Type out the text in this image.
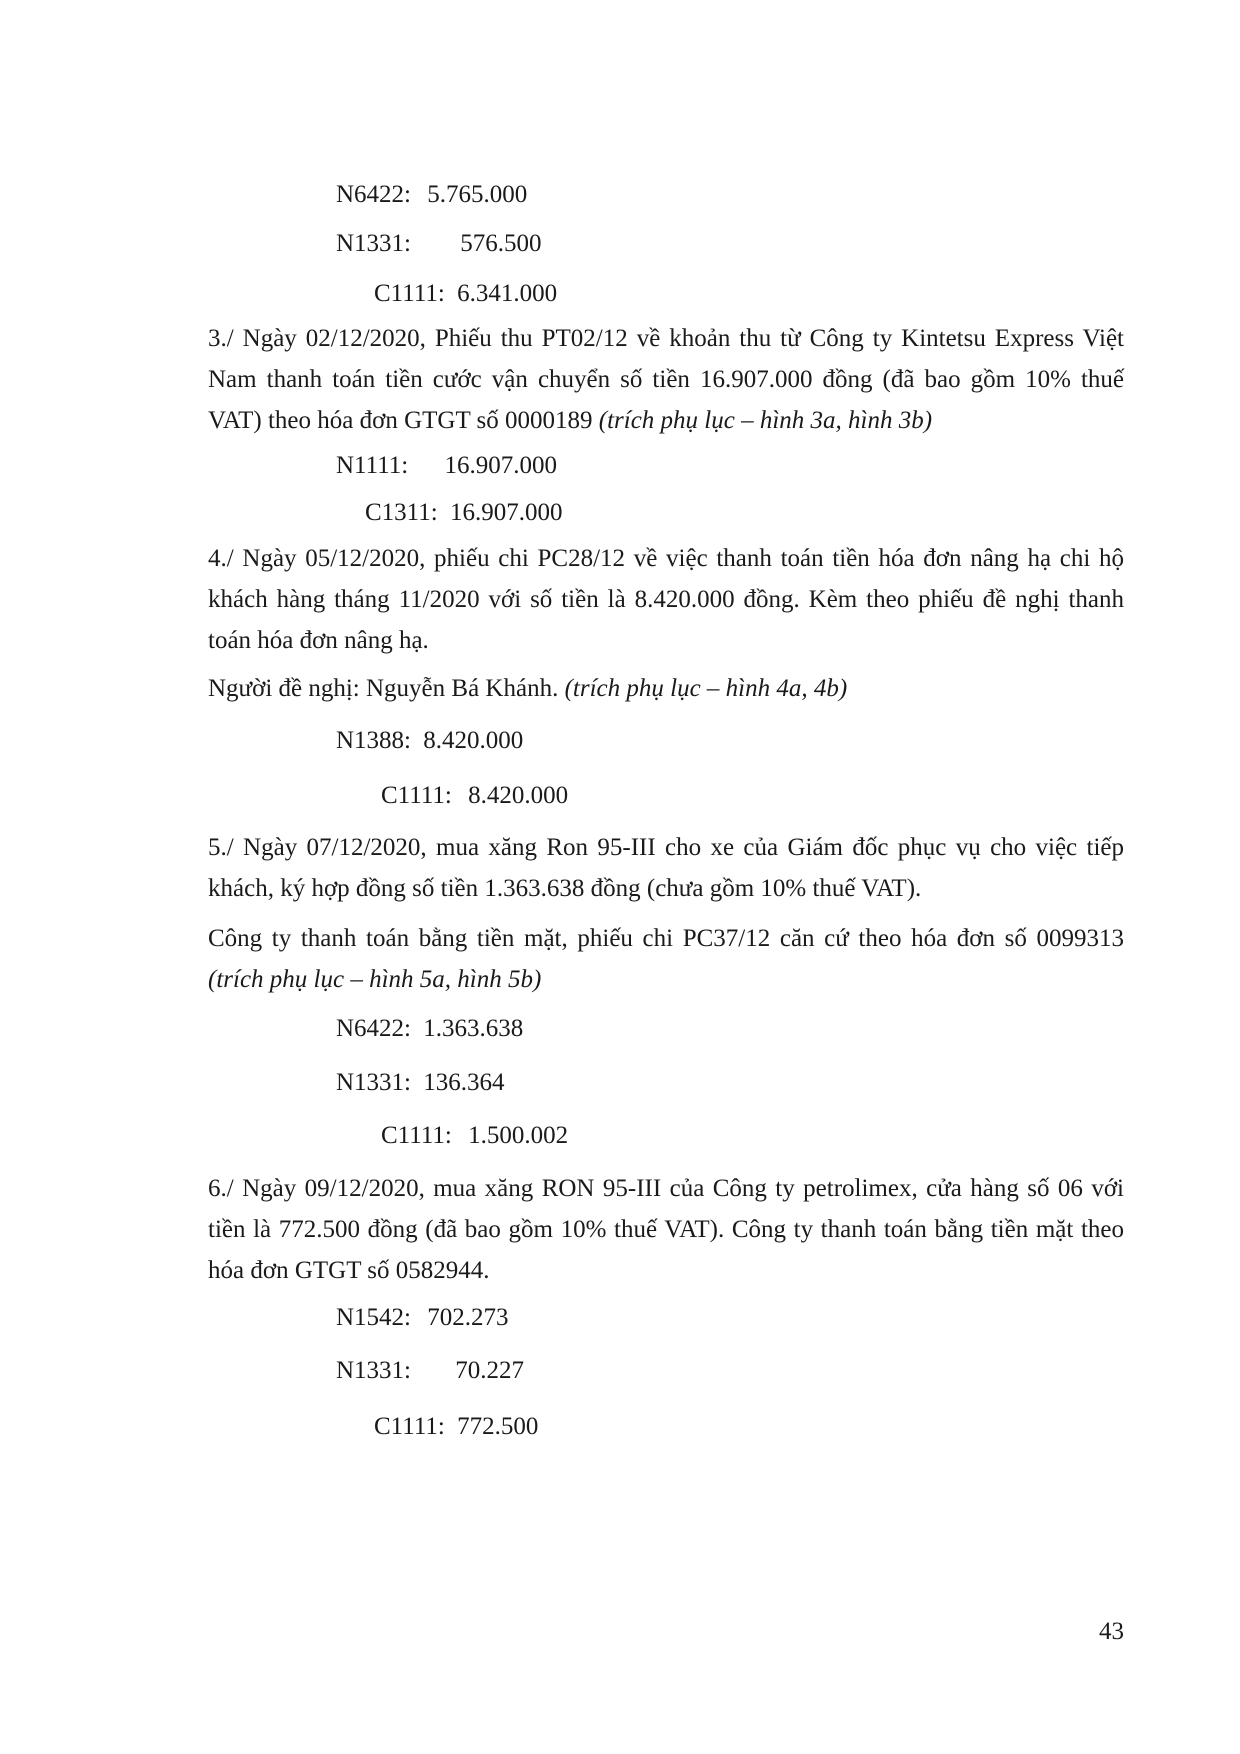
N6422: 5.765.000
N1331: 576.500
C1111: 6.341.000
3./ Ngày 02/12/2020, Phiếu thu PT02/12 về khoản thu từ Công ty Kintetsu Express Việt Nam thanh toán tiền cước vận chuyển số tiền 16.907.000 đồng (đã bao gồm 10% thuế VAT) theo hóa đơn GTGT số 0000189 (trích phụ lục – hình 3a, hình 3b)
N1111: 16.907.000
C1311: 16.907.000
4./ Ngày 05/12/2020, phiếu chi PC28/12 về việc thanh toán tiền hóa đơn nâng hạ chi hộ khách hàng tháng 11/2020 với số tiền là 8.420.000 đồng. Kèm theo phiếu đề nghị thanh toán hóa đơn nâng hạ.
Người đề nghị: Nguyễn Bá Khánh. (trích phụ lục – hình 4a, 4b)
N1388: 8.420.000
C1111: 8.420.000
5./ Ngày 07/12/2020, mua xăng Ron 95-III cho xe của Giám đốc phục vụ cho việc tiếp khách, ký hợp đồng số tiền 1.363.638 đồng (chưa gồm 10% thuế VAT).
Công ty thanh toán bằng tiền mặt, phiếu chi PC37/12 căn cứ theo hóa đơn số 0099313 (trích phụ lục – hình 5a, hình 5b)
N6422: 1.363.638
N1331: 136.364
C1111: 1.500.002
6./ Ngày 09/12/2020, mua xăng RON 95-III của Công ty petrolimex, cửa hàng số 06 với tiền là 772.500 đồng (đã bao gồm 10% thuế VAT). Công ty thanh toán bằng tiền mặt theo hóa đơn GTGT số 0582944.
N1542: 702.273
N1331: 70.227
C1111: 772.500
43
